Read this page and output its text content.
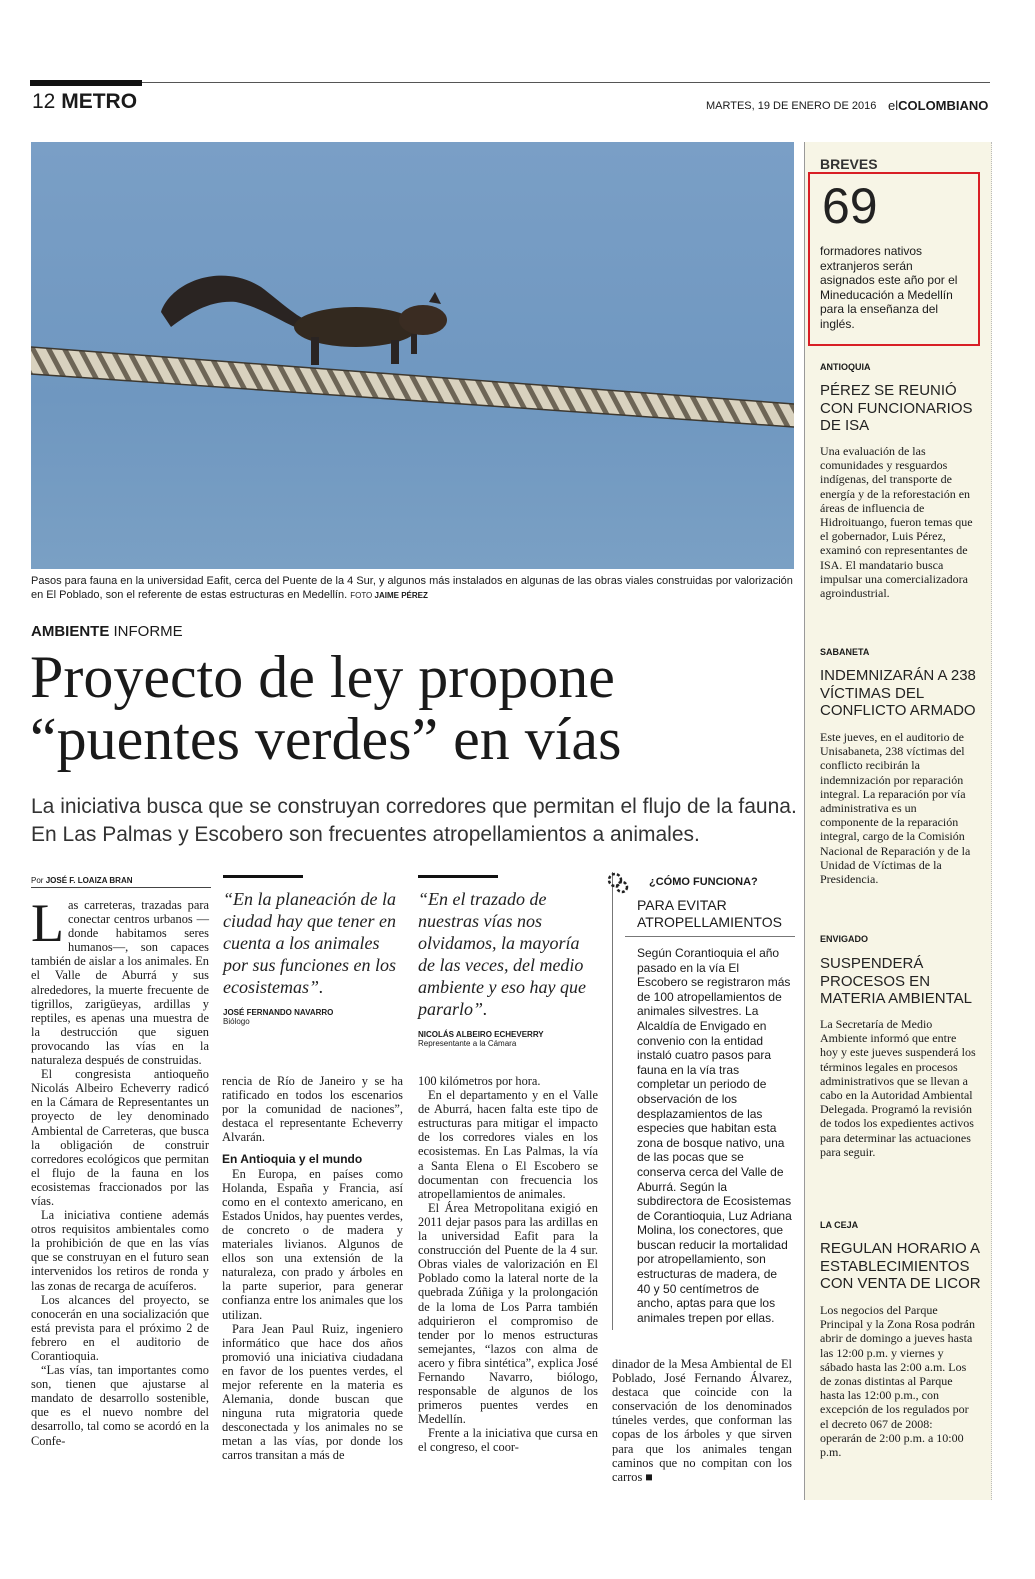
12 METRO	MARTES, 19 DE ENERO DE 2016 elCOLOMBIANO
Pasos para fauna en la universidad Eafit, cerca del Puente de la 4 Sur, y algunos más instalados en algunas de las obras viales construidas por valorización en El Poblado, son el referente de estas estructuras en Medellín. FOTO JAIME PÉREZ
AMBIENTE INFORME
Proyecto de ley propone
“puentes verdes” en vías
La iniciativa busca que se construyan corredores que permitan el flujo de la fauna. En Las Palmas y Escobero son frecuentes atropellamientos a animales.
Por JOSÉ F. LOAIZA BRAN

Las carreteras, trazadas para conectar centros urbanos —donde habitamos seres humanos—, son capaces también de aislar a los animales. En el Valle de Aburrá y sus alrededores, la muerte frecuente de tigrillos, zarigüeyas, ardillas y reptiles, es apenas una muestra de la destrucción que siguen provocando las vías en la naturaleza después de construidas.

El congresista antioqueño Nicolás Albeiro Echeverry radicó en la Cámara de Representantes un proyecto de ley denominado Ambiental de Carreteras, que busca la obligación de construir corredores ecológicos que permitan el flujo de la fauna en los ecosistemas fraccionados por las vías.

La iniciativa contiene además otros requisitos ambientales como la prohibición de que en las vías que se construyan en el futuro sean intervenidos los retiros de ronda y las zonas de recarga de acuíferos.

Los alcances del proyecto, se conocerán en una socialización que está prevista para el próximo 2 de febrero en el auditorio de Corantioquia.

“Las vías, tan importantes como son, tienen que ajustarse al mandato de desarrollo sostenible, que es el nuevo nombre del desarrollo, tal como se acordó en la Confe-

“En la planeación de la ciudad hay que tener en cuenta a los animales por sus funciones en los ecosistemas”.
JOSÉ FERNANDO NAVARRO
Biólogo

rencia de Río de Janeiro y se ha ratificado en todos los escenarios por la comunidad de naciones”, destaca el representante Echeverry Alvarán.

En Antioquia y el mundo

En Europa, en países como Holanda, España y Francia, así como en el contexto americano, en Estados Unidos, hay puentes verdes, de concreto o de madera y materiales livianos. Algunos de ellos son una extensión de la naturaleza, con prado y árboles en la parte superior, para generar confianza entre los animales que los utilizan.

Para Jean Paul Ruiz, ingeniero informático que hace dos años promovió una iniciativa ciudadana en favor de los puentes verdes, el mejor referente en la materia es Alemania, donde buscan que ninguna ruta migratoria quede desconectada y los animales no se metan a las vías, por donde los carros transitan a más de

“En el trazado de nuestras vías nos olvidamos, la mayoría de las veces, del medio ambiente y eso hay que pararlo”.
NICOLÁS ALBEIRO ECHEVERRY
Representante a la Cámara

100 kilómetros por hora.

En el departamento y en el Valle de Aburrá, hacen falta este tipo de estructuras para mitigar el impacto de los corredores viales en los ecosistemas. En Las Palmas, la vía a Santa Elena o El Escobero se documentan con frecuencia los atropellamientos de animales.

El Área Metropolitana exigió en 2011 dejar pasos para las ardillas en la universidad Eafit para la construcción del Puente de la 4 sur. Obras viales de valorización en El Poblado como la lateral norte de la quebrada Zúñiga y la prolongación de la loma de Los Parra también adquirieron el compromiso de tender por lo menos estructuras semejantes, “lazos con alma de acero y fibra sintética”, explica José Fernando Navarro, biólogo, responsable de algunos de los primeros puentes verdes en Medellín.

Frente a la iniciativa que cursa en el congreso, el coor-

¿CÓMO FUNCIONA?
PARA EVITAR ATROPELLAMIENTOS
Según Corantioquia el año pasado en la vía El Escobero se registraron más de 100 atropellamientos de animales silvestres. La Alcaldía de Envigado en convenio con la entidad instaló cuatro pasos para fauna en la vía tras completar un periodo de observación de los desplazamientos de las especies que habitan esta zona de bosque nativo, una de las pocas que se conserva cerca del Valle de Aburrá. Según la subdirectora de Ecosistemas de Corantioquia, Luz Adriana Molina, los conectores, que buscan reducir la mortalidad por atropellamiento, son estructuras de madera, de 40 y 50 centímetros de ancho, aptas para que los animales trepen por ellas.

dinador de la Mesa Ambiental de El Poblado, José Fernando Álvarez, destaca que coincide con la conservación de los denominados túneles verdes, que conforman las copas de los árboles y que sirven para que los animales tengan caminos que no compitan con los carros ■

BREVES
69
formadores nativos extranjeros serán asignados este año por el Mineducación a Medellín para la enseñanza del inglés.
ANTIOQUIA
PÉREZ SE REUNIÓ CON FUNCIONARIOS DE ISA
Una evaluación de las comunidades y resguardos indígenas, del transporte de energía y de la reforestación en áreas de influencia de Hidroituango, fueron temas que el gobernador, Luis Pérez, examinó con representantes de ISA. El mandatario busca impulsar una comercializadora agroindustrial.
SABANETA
INDEMNIZARÁN A 238 VÍCTIMAS DEL CONFLICTO ARMADO
Este jueves, en el auditorio de Unisabaneta, 238 víctimas del conflicto recibirán la indemnización por reparación integral. La reparación por vía administrativa es un componente de la reparación integral, cargo de la Comisión Nacional de Reparación y de la Unidad de Víctimas de la Presidencia.
ENVIGADO
SUSPENDERÁ PROCESOS EN MATERIA AMBIENTAL
La Secretaría de Medio Ambiente informó que entre hoy y este jueves suspenderá los términos legales en procesos administrativos que se llevan a cabo en la Autoridad Ambiental Delegada. Programó la revisión de todos los expedientes activos para determinar las actuaciones para seguir.
LA CEJA
REGULAN HORARIO A ESTABLECIMIENTOS CON VENTA DE LICOR
Los negocios del Parque Principal y la Zona Rosa podrán abrir de domingo a jueves hasta las 12:00 p.m. y viernes y sábado hasta las 2:00 a.m. Los de zonas distintas al Parque hasta las 12:00 p.m., con excepción de los regulados por el decreto 067 de 2008: operarán de 2:00 p.m. a 10:00 p.m.
